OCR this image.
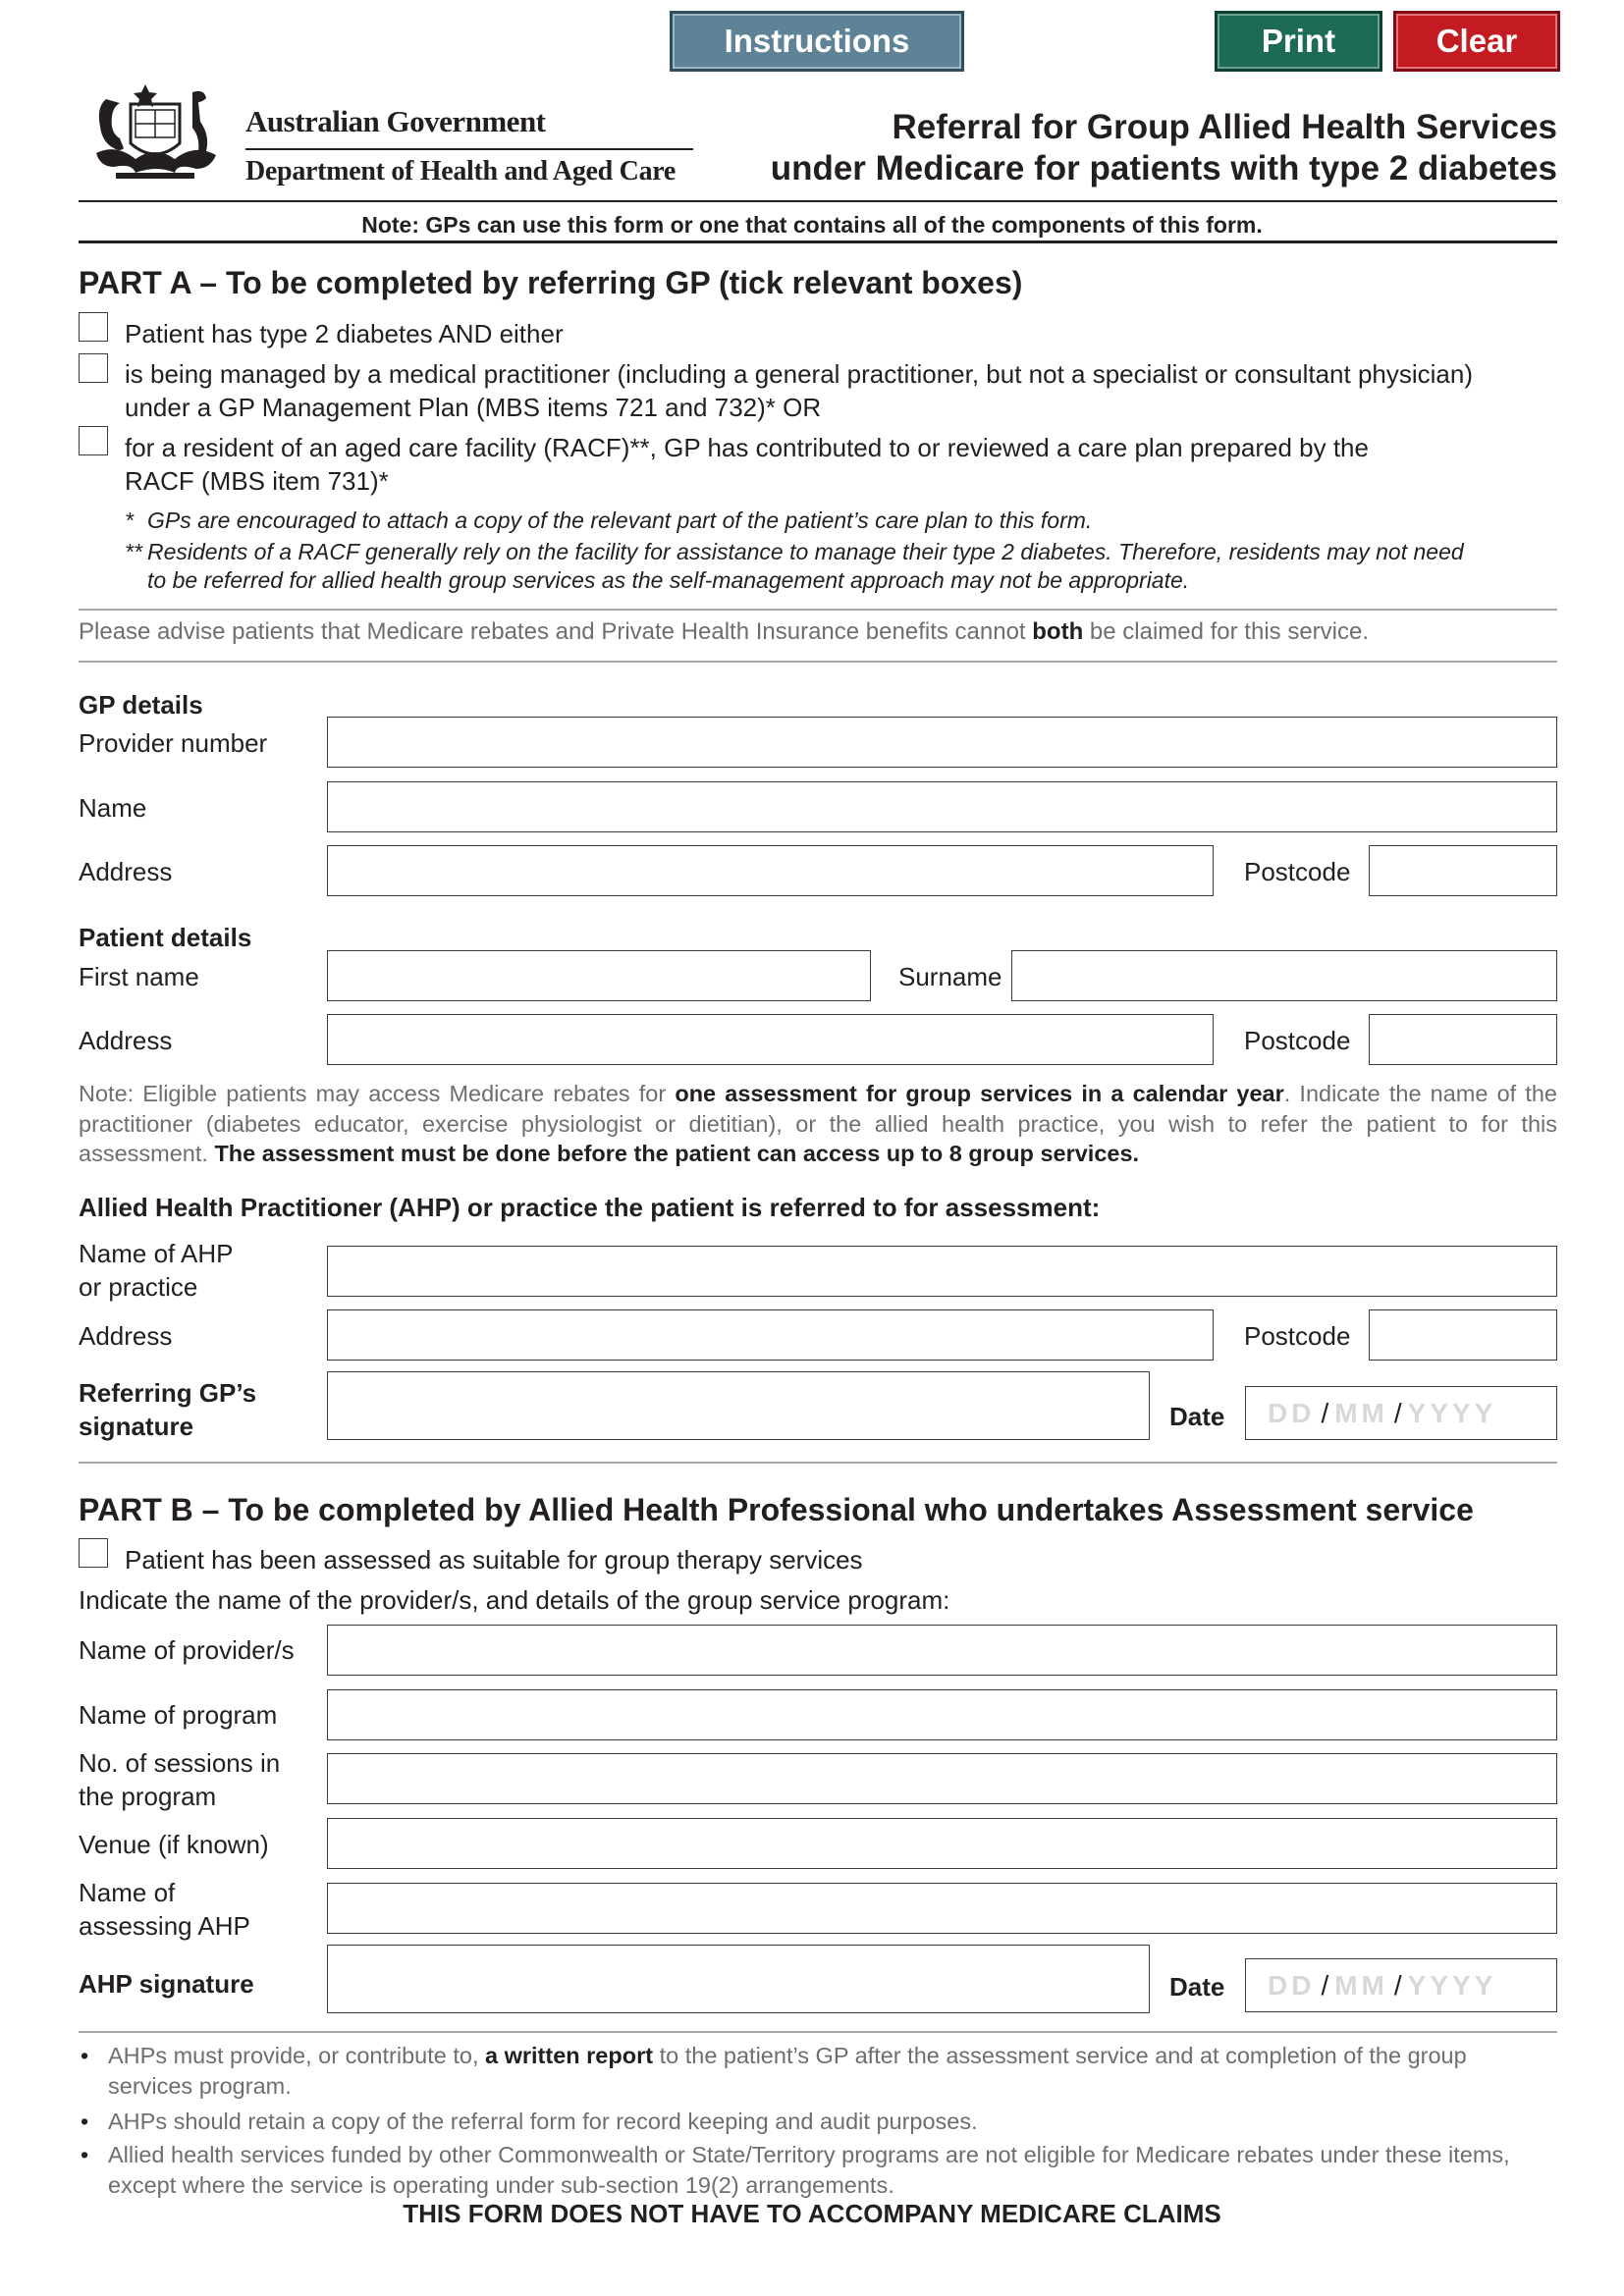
Instructions	Print	Clear
Australian Government
Department of Health and Aged Care
Referral for Group Allied Health Services
under Medicare for patients with type 2 diabetes
Note: GPs can use this form or one that contains all of the components of this form.
PART A – To be completed by referring GP (tick relevant boxes)
Patient has type 2 diabetes AND either
is being managed by a medical practitioner (including a general practitioner, but not a specialist or consultant physician)
under a GP Management Plan (MBS items 721 and 732)* OR
for a resident of an aged care facility (RACF)**, GP has contributed to or reviewed a care plan prepared by the
RACF (MBS item 731)*
* GPs are encouraged to attach a copy of the relevant part of the patient’s care plan to this form.
** Residents of a RACF generally rely on the facility for assistance to manage their type 2 diabetes. Therefore, residents may not need
to be referred for allied health group services as the self-management approach may not be appropriate.
Please advise patients that Medicare rebates and Private Health Insurance benefits cannot both be claimed for this service.
GP details
Provider number
Name
Address	Postcode
Patient details
First name	Surname
Address	Postcode
Note: Eligible patients may access Medicare rebates for one assessment for group services in a calendar year. Indicate the name of the practitioner (diabetes educator, exercise physiologist or dietitian), or the allied health practice, you wish to refer the patient to for this assessment. The assessment must be done before the patient can access up to 8 group services.
Allied Health Practitioner (AHP) or practice the patient is referred to for assessment:
Name of AHP
or practice
Address	Postcode
Referring GP’s
signature	Date DD / MM / YYYY
PART B – To be completed by Allied Health Professional who undertakes Assessment service
Patient has been assessed as suitable for group therapy services
Indicate the name of the provider/s, and details of the group service program:
Name of provider/s
Name of program
No. of sessions in
the program
Venue (if known)
Name of
assessing AHP
AHP signature	Date DD / MM / YYYY
• AHPs must provide, or contribute to, a written report to the patient’s GP after the assessment service and at completion of the group services program.
• AHPs should retain a copy of the referral form for record keeping and audit purposes.
• Allied health services funded by other Commonwealth or State/Territory programs are not eligible for Medicare rebates under these items, except where the service is operating under sub-section 19(2) arrangements.
THIS FORM DOES NOT HAVE TO ACCOMPANY MEDICARE CLAIMS
